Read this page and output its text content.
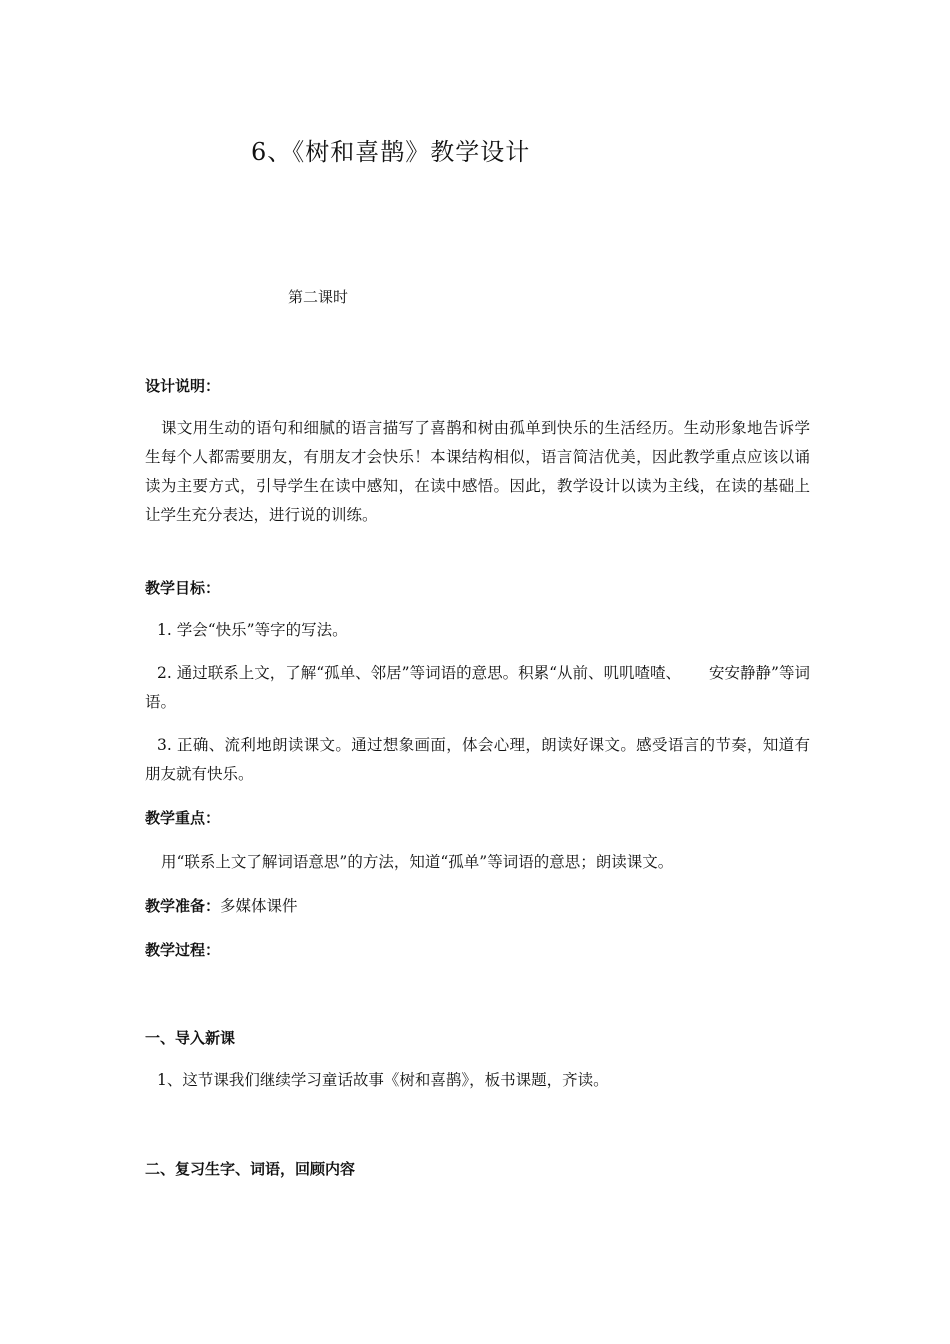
6、《树和喜鹊》教学设计
第二课时
设计说明：
课文用生动的语句和细腻的语言描写了喜鹊和树由孤单到快乐的生活经历。生动形象地告诉学生每个人都需要朋友，有朋友才会快乐！本课结构相似，语言简洁优美，因此教学重点应该以诵读为主要方式，引导学生在读中感知，在读中感悟。因此，教学设计以读为主线，在读的基础上让学生充分表达，进行说的训练。
教学目标：
1. 学会“快乐”等字的写法。
2. 通过联系上文，了解“孤单、邻居”等词语的意思。积累“从前、叽叽喳喳、 安安静静”等词语。
3. 正确、流利地朗读课文。通过想象画面，体会心理，朗读好课文。感受语言的节奏，知道有朋友就有快乐。
教学重点：
用“联系上文了解词语意思”的方法，知道“孤单”等词语的意思；朗读课文。
教学准备：多媒体课件
教学过程：
一、导入新课
1、这节课我们继续学习童话故事《树和喜鹊》，板书课题，齐读。
二、复习生字、词语，回顾内容
